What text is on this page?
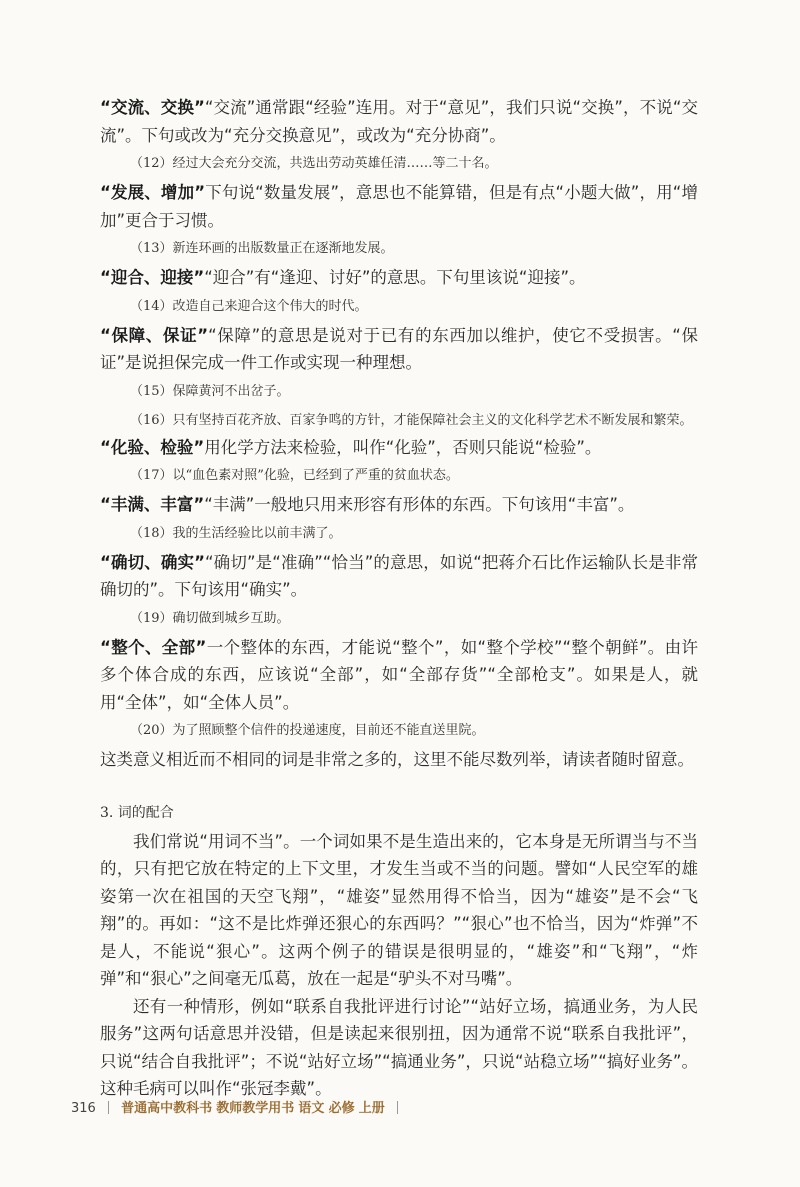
“交流、交换”“交流”通常跟“经验”连用。对于“意见”，我们只说“交换”，不说“交流”。下句或改为“充分交换意见”，或改为“充分协商”。

（12）经过大会充分交流，共选出劳动英雄任清……等二十名。

“发展、增加”下句说“数量发展”，意思也不能算错，但是有点“小题大做”，用“增加”更合于习惯。

（13）新连环画的出版数量正在逐渐地发展。

“迎合、迎接”“迎合”有“逢迎、讨好”的意思。下句里该说“迎接”。

（14）改造自己来迎合这个伟大的时代。

“保障、保证”“保障”的意思是说对于已有的东西加以维护，使它不受损害。“保证”是说担保完成一件工作或实现一种理想。

（15）保障黄河不出岔子。

（16）只有坚持百花齐放、百家争鸣的方针，才能保障社会主义的文化科学艺术不断发展和繁荣。

“化验、检验”用化学方法来检验，叫作“化验”，否则只能说“检验”。

（17）以“血色素对照”化验，已经到了严重的贫血状态。

“丰满、丰富”“丰满”一般地只用来形容有形体的东西。下句该用“丰富”。

（18）我的生活经验比以前丰满了。

“确切、确实”“确切”是“准确”“恰当”的意思，如说“把蒋介石比作运输队长是非常确切的”。下句该用“确实”。

（19）确切做到城乡互助。

“整个、全部”一个整体的东西，才能说“整个”，如“整个学校”“整个朝鲜”。由许多个体合成的东西，应该说“全部”，如“全部存货”“全部枪支”。如果是人，就用“全体”，如“全体人员”。

（20）为了照顾整个信件的投递速度，目前还不能直送里院。

这类意义相近而不相同的词是非常之多的，这里不能尽数列举，请读者随时留意。

3. 词的配合

我们常说“用词不当”。一个词如果不是生造出来的，它本身是无所谓当与不当的，只有把它放在特定的上下文里，才发生当或不当的问题。譬如“人民空军的雄姿第一次在祖国的天空飞翔”，“雄姿”显然用得不恰当，因为“雄姿”是不会“飞翔”的。再如：“这不是比炸弹还狠心的东西吗？”“狠心”也不恰当，因为“炸弹”不是人，不能说“狠心”。这两个例子的错误是很明显的，“雄姿”和“飞翔”，“炸弹”和“狠心”之间毫无瓜葛，放在一起是“驴头不对马嘴”。

还有一种情形，例如“联系自我批评进行讨论”“站好立场，搞通业务，为人民服务”这两句话意思并没错，但是读起来很别扭，因为通常不说“联系自我批评”，只说“结合自我批评”；不说“站好立场”“搞通业务”，只说“站稳立场”“搞好业务”。这种毛病可以叫作“张冠李戴”。

316 普通高中教科书 教师教学用书 语文 必修 上册
